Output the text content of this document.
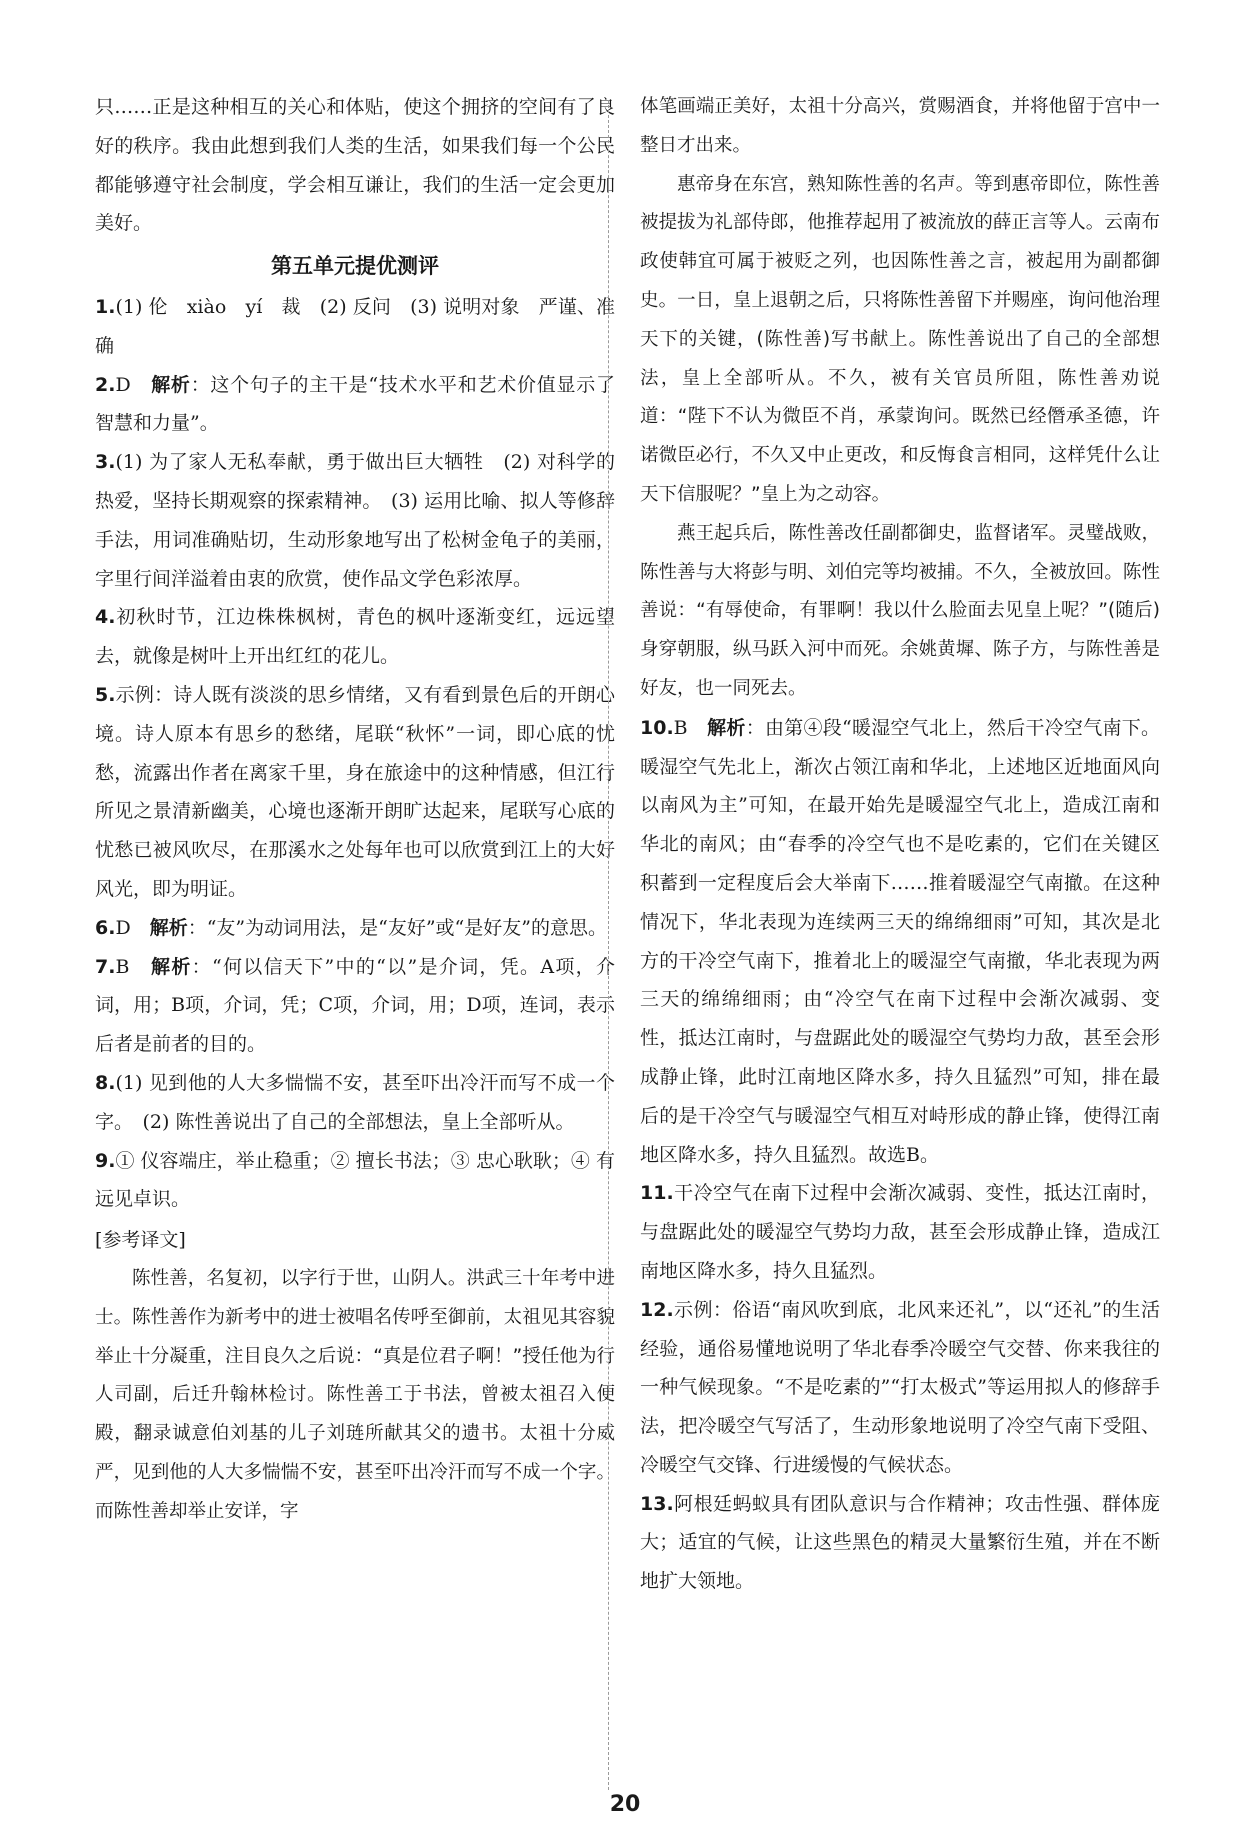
只……正是这种相互的关心和体贴，使这个拥挤的空间有了良好的秩序。我由此想到我们人类的生活，如果我们每一个公民都能够遵守社会制度，学会相互谦让，我们的生活一定会更加美好。

第五单元提优测评

1.(1) 伦　xiào　yí　裁　(2) 反问　(3) 说明对象　严谨、准确

2.D　解析：这个句子的主干是“技术水平和艺术价值显示了智慧和力量”。

3.(1) 为了家人无私奉献，勇于做出巨大牺牲　(2) 对科学的热爱，坚持长期观察的探索精神。　(3) 运用比喻、拟人等修辞手法，用词准确贴切，生动形象地写出了松树金龟子的美丽，字里行间洋溢着由衷的欣赏，使作品文学色彩浓厚。

4.初秋时节，江边株株枫树，青色的枫叶逐渐变红，远远望去，就像是树叶上开出红红的花儿。

5.示例：诗人既有淡淡的思乡情绪，又有看到景色后的开朗心境。诗人原本有思乡的愁绪，尾联“秋怀”一词，即心底的忧愁，流露出作者在离家千里，身在旅途中的这种情感，但江行所见之景清新幽美，心境也逐渐开朗旷达起来，尾联写心底的忧愁已被风吹尽，在那溪水之处每年也可以欣赏到江上的大好风光，即为明证。

6.D　解析：“友”为动词用法，是“友好”或“是好友”的意思。

7.B　解析：“何以信天下”中的“以”是介词，凭。A项，介词，用；B项，介词，凭；C项，介词，用；D项，连词，表示后者是前者的目的。

8.(1) 见到他的人大多惴惴不安，甚至吓出冷汗而写不成一个字。　(2) 陈性善说出了自己的全部想法，皇上全部听从。

9.① 仪容端庄，举止稳重；② 擅长书法；③ 忠心耿耿；④ 有远见卓识。

[参考译文]

陈性善，名复初，以字行于世，山阴人。洪武三十年考中进士。陈性善作为新考中的进士被唱名传呼至御前，太祖见其容貌举止十分凝重，注目良久之后说：“真是位君子啊！”授任他为行人司副，后迁升翰林检讨。陈性善工于书法，曾被太祖召入便殿，翻录诚意伯刘基的儿子刘琏所献其父的遗书。太祖十分威严，见到他的人大多惴惴不安，甚至吓出冷汗而写不成一个字。而陈性善却举止安详，字

体笔画端正美好，太祖十分高兴，赏赐酒食，并将他留于宫中一整日才出来。

惠帝身在东宫，熟知陈性善的名声。等到惠帝即位，陈性善被提拔为礼部侍郎，他推荐起用了被流放的薛正言等人。云南布政使韩宜可属于被贬之列，也因陈性善之言，被起用为副都御史。一日，皇上退朝之后，只将陈性善留下并赐座，询问他治理天下的关键，(陈性善)写书献上。陈性善说出了自己的全部想法，皇上全部听从。不久，被有关官员所阻，陈性善劝说道：“陛下不认为微臣不肖，承蒙询问。既然已经僭承圣德，许诺微臣必行，不久又中止更改，和反悔食言相同，这样凭什么让天下信服呢？”皇上为之动容。

燕王起兵后，陈性善改任副都御史，监督诸军。灵璧战败，陈性善与大将彭与明、刘伯完等均被捕。不久，全被放回。陈性善说：“有辱使命，有罪啊！我以什么脸面去见皇上呢？”(随后)身穿朝服，纵马跃入河中而死。余姚黄墀、陈子方，与陈性善是好友，也一同死去。

10.B　解析：由第④段“暖湿空气北上，然后干冷空气南下。暖湿空气先北上，渐次占领江南和华北，上述地区近地面风向以南风为主”可知，在最开始先是暖湿空气北上，造成江南和华北的南风；由“春季的冷空气也不是吃素的，它们在关键区积蓄到一定程度后会大举南下……推着暖湿空气南撤。在这种情况下，华北表现为连续两三天的绵绵细雨”可知，其次是北方的干冷空气南下，推着北上的暖湿空气南撤，华北表现为两三天的绵绵细雨；由“冷空气在南下过程中会渐次减弱、变性，抵达江南时，与盘踞此处的暖湿空气势均力敌，甚至会形成静止锋，此时江南地区降水多，持久且猛烈”可知，排在最后的是干冷空气与暖湿空气相互对峙形成的静止锋，使得江南地区降水多，持久且猛烈。故选B。

11.干冷空气在南下过程中会渐次减弱、变性，抵达江南时，与盘踞此处的暖湿空气势均力敌，甚至会形成静止锋，造成江南地区降水多，持久且猛烈。

12.示例：俗语“南风吹到底，北风来还礼”，以“还礼”的生活经验，通俗易懂地说明了华北春季冷暖空气交替、你来我往的一种气候现象。“不是吃素的”“打太极式”等运用拟人的修辞手法，把冷暖空气写活了，生动形象地说明了冷空气南下受阻、冷暖空气交锋、行进缓慢的气候状态。

13.阿根廷蚂蚁具有团队意识与合作精神；攻击性强、群体庞大；适宜的气候，让这些黑色的精灵大量繁衍生殖，并在不断地扩大领地。

20
